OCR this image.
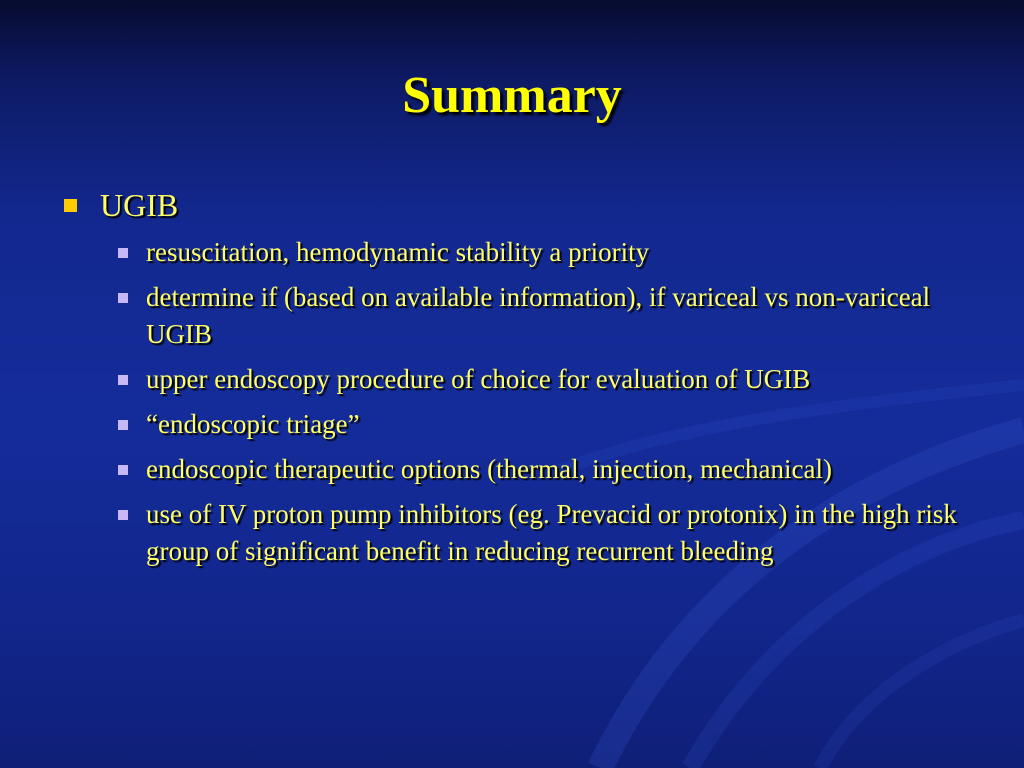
Summary
UGIB
resuscitation, hemodynamic stability a priority
determine if (based on available information), if variceal vs non-variceal UGIB
upper endoscopy procedure of choice for evaluation of UGIB
“endoscopic triage”
endoscopic therapeutic options (thermal, injection, mechanical)
use of IV proton pump inhibitors (eg. Prevacid or protonix) in the high risk group of significant benefit in reducing recurrent bleeding
